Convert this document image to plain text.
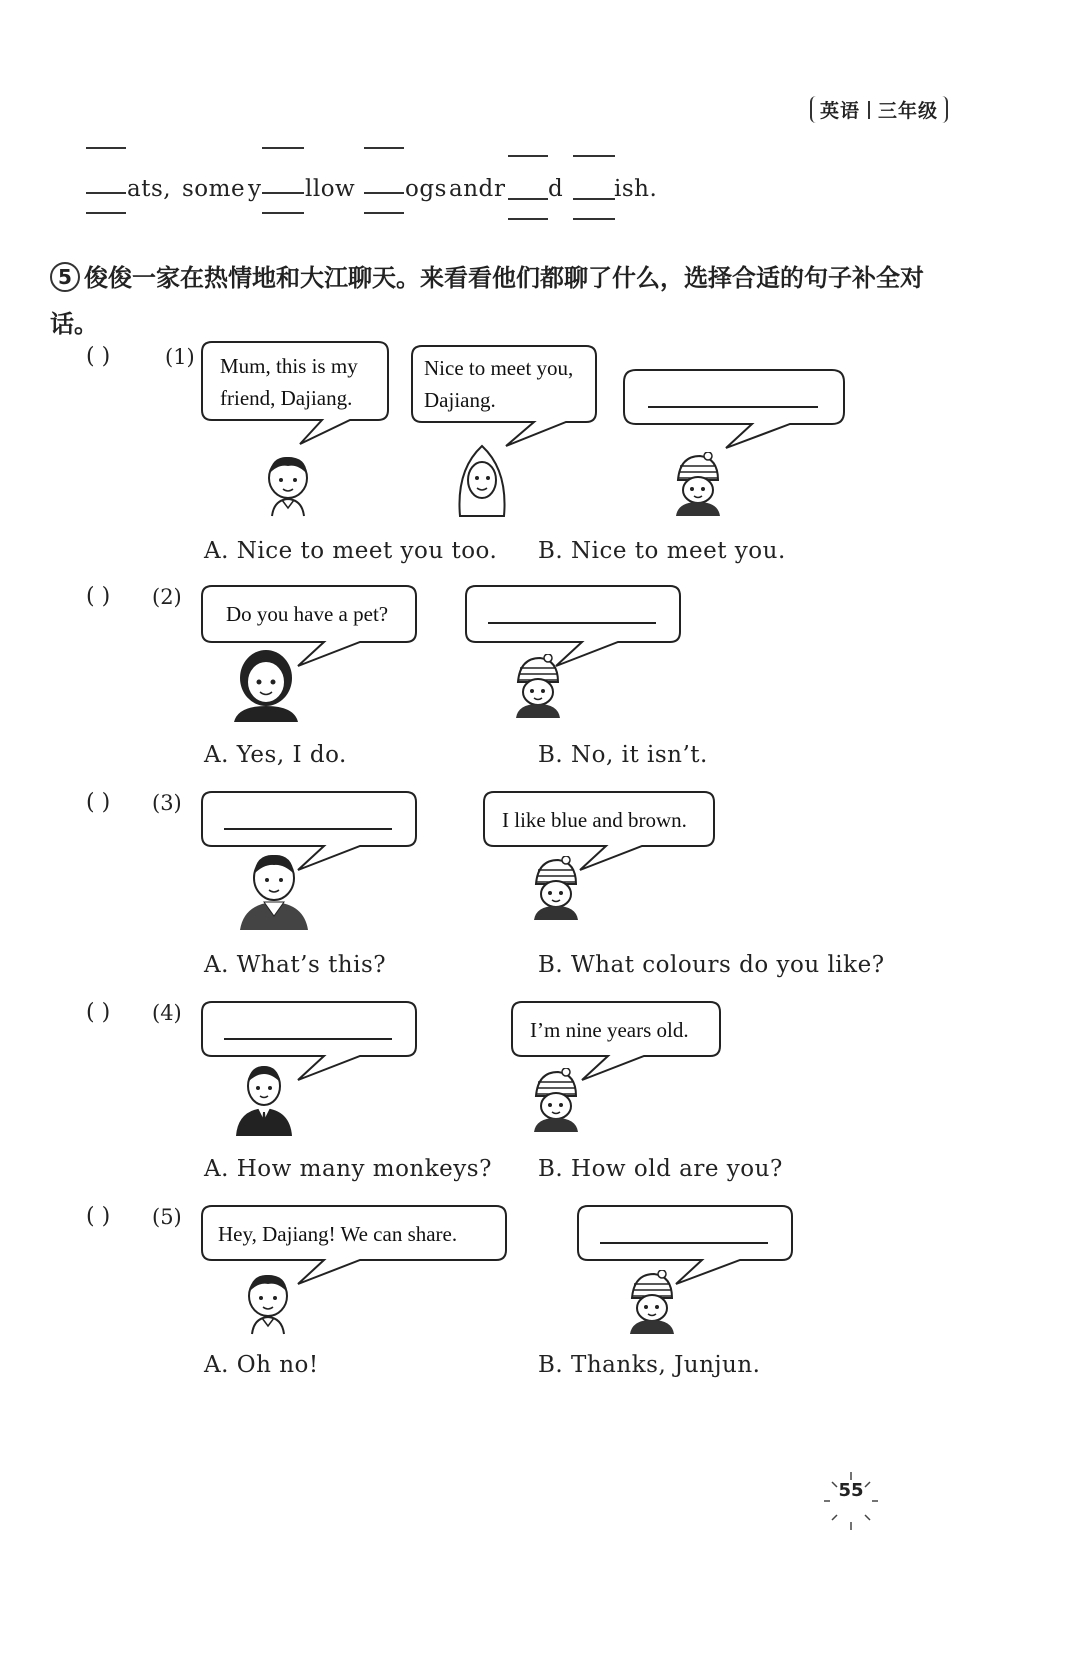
英语 三年级
ats, some y llow ogs and r d ish.
5 俊俊一家在热情地和大江聊天。来看看他们都聊了什么，选择合适的句子补全对话。
( )	(1) Mum, this is my
friend, Dajiang.
Nice to meet you,
Dajiang.
A. Nice to meet you too. B. Nice to meet you.
( ) (2)
Do you have a pet?
A. Yes, I do.	B. No, it isn’t.
( ) (3)
I like blue and brown.
A. What’s this?	B. What colours do you like?
( ) (4)
I’m nine years old.
A. How many monkeys? B. How old are you?
( ) (5)
Hey, Dajiang! We can share.
A. Oh no!	B. Thanks, Junjun.
55
